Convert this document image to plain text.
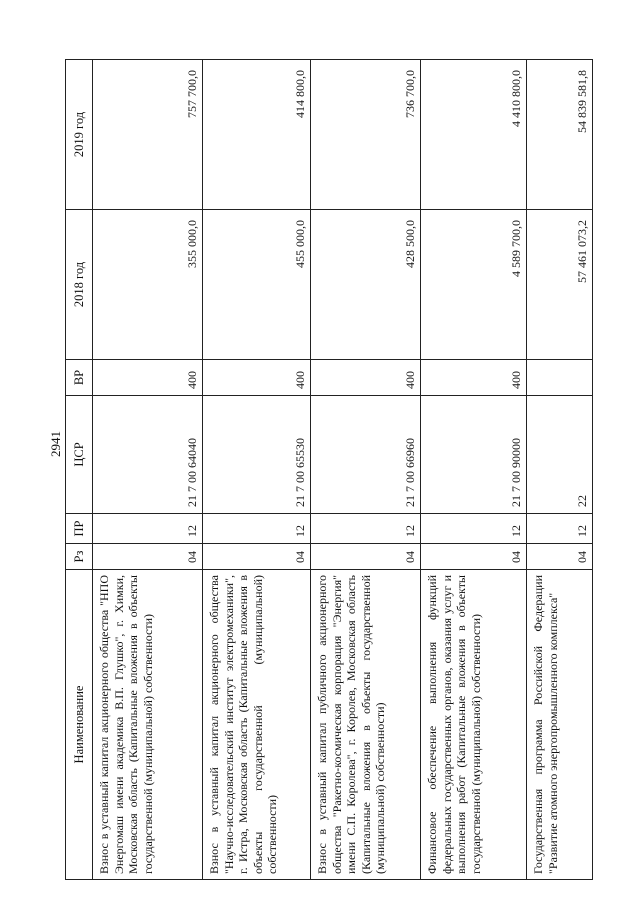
2941
Наименование	Рз	ПР	ЦСР	ВР	2018 год	2019 год
Взнос в уставный капитал акционерного общества "НПО Энергомаш имени академика В.П. Глушко", г. Химки, Московская область (Капитальные вложения в объекты государственной (муниципальной) собственности)	04	12	21 7 00 64040	400	355 000,0	757 700,0
Взнос в уставный капитал акционерного общества "Научно-исследовательский институт электромеханики", г. Истра, Московская область (Капитальные вложения в объекты государственной (муниципальной) собственности)	04	12	21 7 00 65530	400	455 000,0	414 800,0
Взнос в уставный капитал публичного акционерного общества "Ракетно-космическая корпорация "Энергия" имени С.П. Королева", г. Королев, Московская область (Капитальные вложения в объекты государственной (муниципальной) собственности)	04	12	21 7 00 66960	400	428 500,0	736 700,0
Финансовое обеспечение выполнения функций федеральных государственных органов, оказания услуг и выполнения работ (Капитальные вложения в объекты государственной (муниципальной) собственности)	04	12	21 7 00 90000	400	4 589 700,0	4 410 800,0
Государственная программа Российской Федерации "Развитие атомного энергопромышленного комплекса"	04	12	22		57 461 073,2	54 839 581,8
